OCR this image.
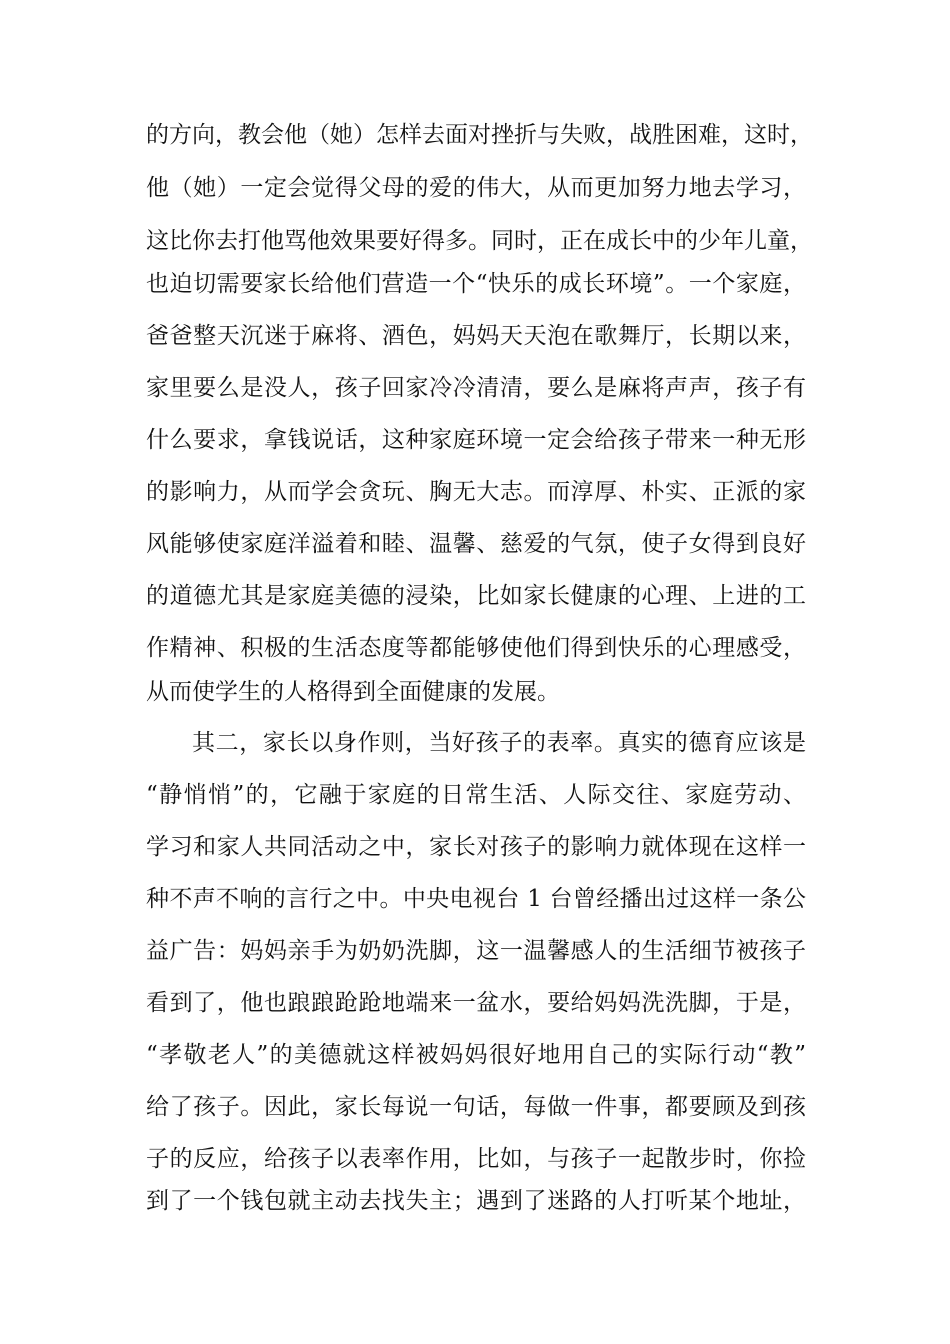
的方向，教会他（她）怎样去面对挫折与失败，战胜困难，这时，
他（她）一定会觉得父母的爱的伟大，从而更加努力地去学习，
这比你去打他骂他效果要好得多。同时，正在成长中的少年儿童，
也迫切需要家长给他们营造一个“快乐的成长环境”。一个家庭，
爸爸整天沉迷于麻将、酒色，妈妈天天泡在歌舞厅，长期以来，
家里要么是没人，孩子回家冷冷清清，要么是麻将声声，孩子有
什么要求，拿钱说话，这种家庭环境一定会给孩子带来一种无形
的影响力，从而学会贪玩、胸无大志。而淳厚、朴实、正派的家
风能够使家庭洋溢着和睦、温馨、慈爱的气氛，使子女得到良好
的道德尤其是家庭美德的浸染，比如家长健康的心理、上进的工
作精神、积极的生活态度等都能够使他们得到快乐的心理感受，
从而使学生的人格得到全面健康的发展。
其二，家长以身作则，当好孩子的表率。真实的德育应该是
“静悄悄”的，它融于家庭的日常生活、人际交往、家庭劳动、
学习和家人共同活动之中，家长对孩子的影响力就体现在这样一
种不声不响的言行之中。中央电视台 1 台曾经播出过这样一条公
益广告：妈妈亲手为奶奶洗脚，这一温馨感人的生活细节被孩子
看到了，他也踉踉跄跄地端来一盆水，要给妈妈洗洗脚，于是，
“孝敬老人”的美德就这样被妈妈很好地用自己的实际行动“教”
给了孩子。因此，家长每说一句话，每做一件事，都要顾及到孩
子的反应，给孩子以表率作用，比如，与孩子一起散步时，你捡
到了一个钱包就主动去找失主；遇到了迷路的人打听某个地址，
